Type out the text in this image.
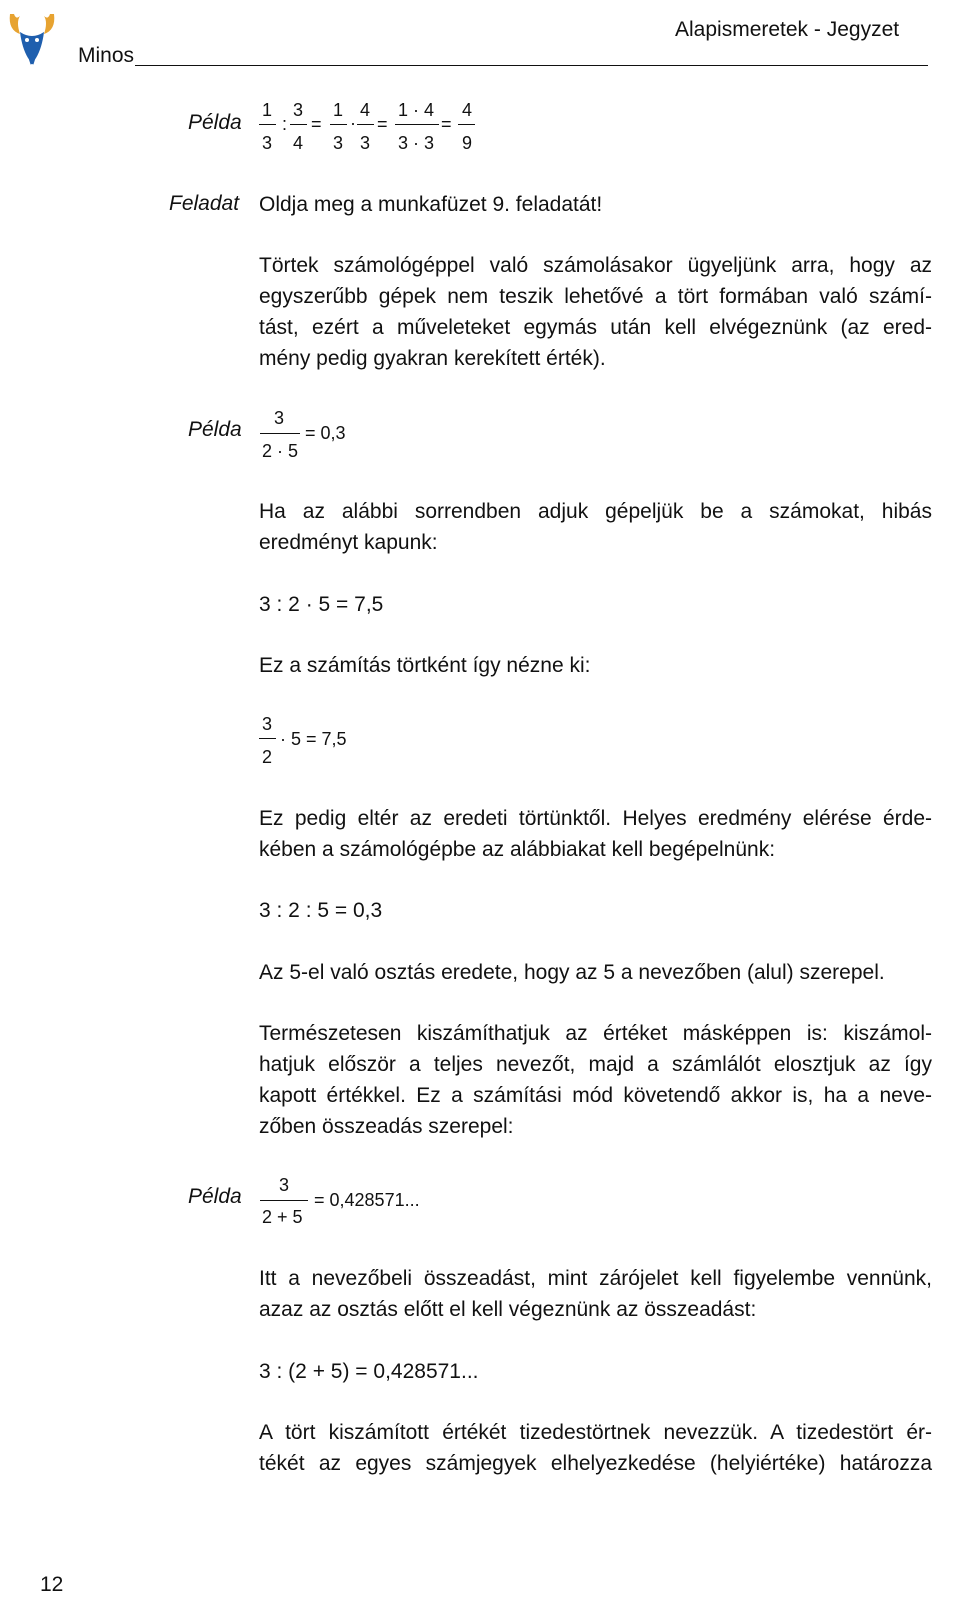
Minos
Alapismeretek - Jegyzet
Példa
1
3
:
3
4
=
1
3
·
4
3
=
1 · 4
3 · 3
=
4
9
Feladat Oldja meg a munkafüzet 9. feladatát!
Törtek számológéppel való számolásakor ügyeljünk arra, hogy az
egyszerűbb gépek nem teszik lehetővé a tört formában való számí-
tást, ezért a műveleteket egymás után kell elvégeznünk (az ered-
mény pedig gyakran kerekített érték).
Példa 3
2 · 5
= 0,3
Ha az alábbi sorrendben adjuk gépeljük be a számokat, hibás
eredményt kapunk:
3 : 2 · 5 = 7,5
Ez a számítás törtként így nézne ki:
3
2
· 5 = 7,5
Ez pedig eltér az eredeti törtünktől. Helyes eredmény elérése érde-
kében a számológépbe az alábbiakat kell begépelnünk:
3 : 2 : 5 = 0,3
Az 5-el való osztás eredete, hogy az 5 a nevezőben (alul) szerepel.
Természetesen kiszámíthatjuk az értéket másképpen is: kiszámol-
hatjuk először a teljes nevezőt, majd a számlálót elosztjuk az így
kapott értékkel. Ez a számítási mód követendő akkor is, ha a neve-
zőben összeadás szerepel:
Példa 3
2 + 5
= 0,428571...
Itt a nevezőbeli összeadást, mint zárójelet kell figyelembe vennünk,
azaz az osztás előtt el kell végeznünk az összeadást:
3 : (2 + 5) = 0,428571...
A tört kiszámított értékét tizedestörtnek nevezzük. A tizedestört ér-
tékét az egyes számjegyek elhelyezkedése (helyiértéke) határozza
12
